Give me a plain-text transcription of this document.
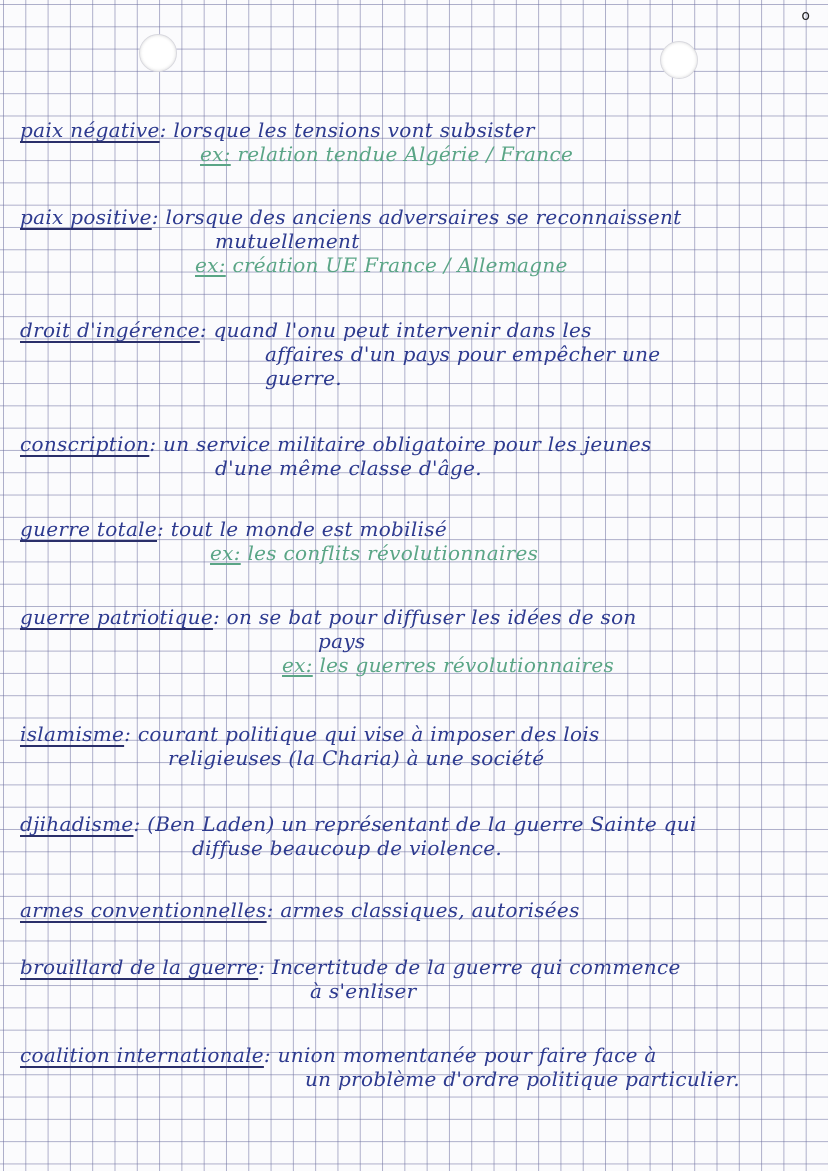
o
paix négative: lorsque les tensions vont subsister
ex: relation tendue Algérie / France
paix positive: lorsque des anciens adversaires se reconnaissent
mutuellement
ex: création UE France / Allemagne
droit d'ingérence: quand l'onu peut intervenir dans les
affaires d'un pays pour empêcher une
guerre.
conscription: un service militaire obligatoire pour les jeunes
d'une même classe d'âge.
guerre totale: tout le monde est mobilisé
ex: les conflits révolutionnaires
guerre patriotique: on se bat pour diffuser les idées de son
pays
ex: les guerres révolutionnaires
islamisme: courant politique qui vise à imposer des lois
religieuses (la Charia) à une société
djihadisme: (Ben Laden) un représentant de la guerre Sainte qui
diffuse beaucoup de violence.
armes conventionnelles: armes classiques, autorisées
brouillard de la guerre: Incertitude de la guerre qui commence
à s'enliser
coalition internationale: union momentanée pour faire face à
un problème d'ordre politique particulier.
